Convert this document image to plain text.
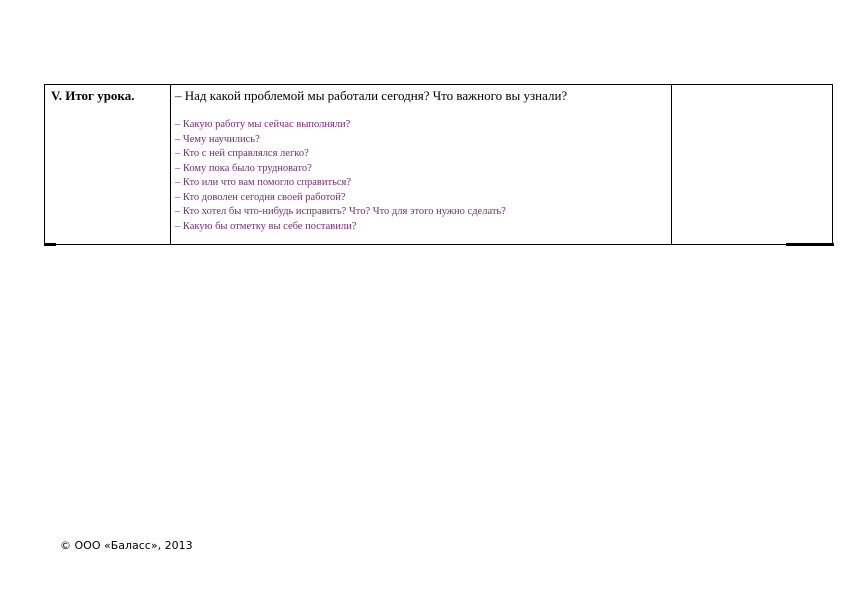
V. Итог урока.	– Над какой проблемой мы работали сегодня? Что важного вы узнали?
– Какую работу мы сейчас выполняли?
– Чему научились?
– Кто с ней справлялся легко?
– Кому пока было трудновато?
– Кто или что вам помогло справиться?
– Кто доволен сегодня своей работой?
– Кто хотел бы что-нибудь исправить? Что? Что для этого нужно сделать?
– Какую бы отметку вы себе поставили?
© ООО «Баласс», 2013
